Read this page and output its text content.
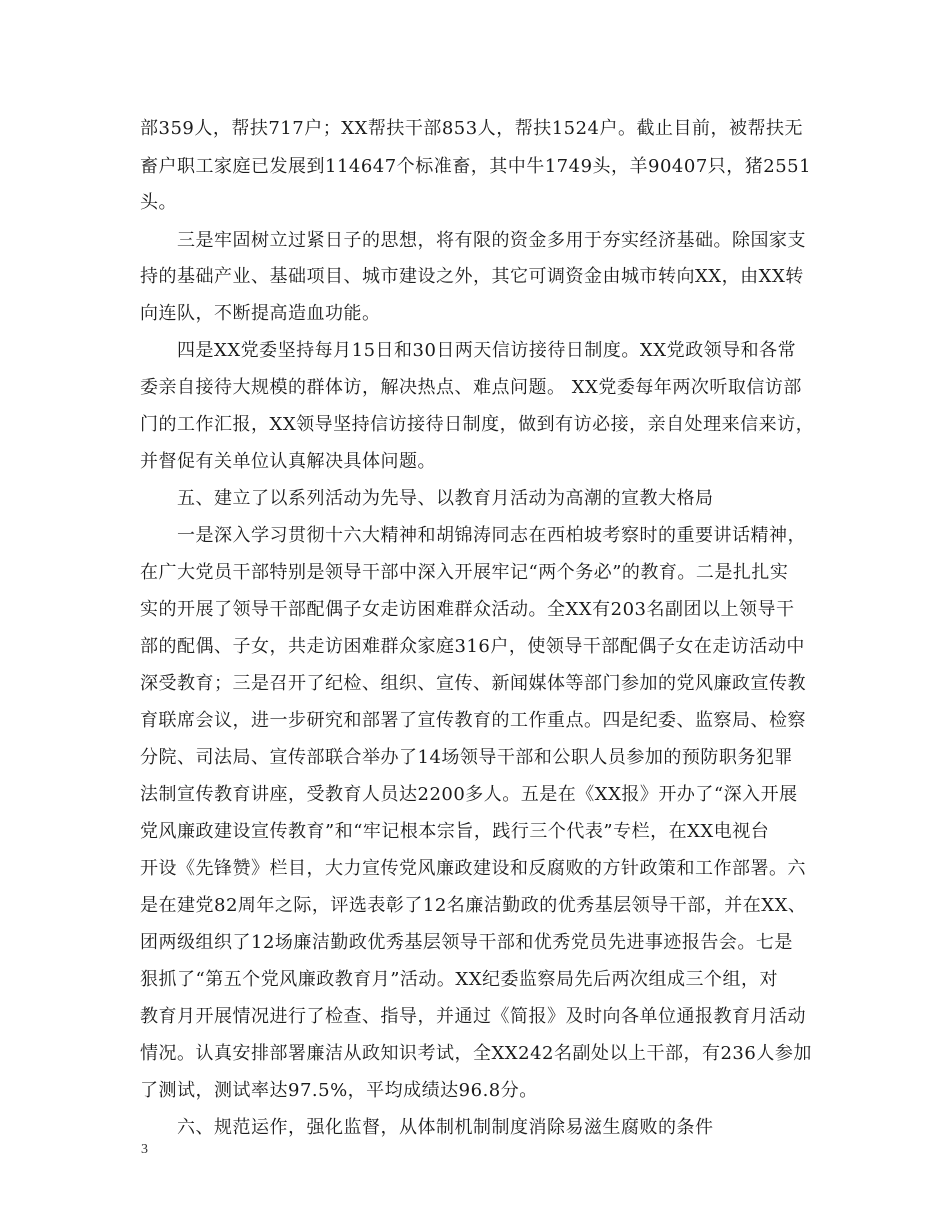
部359人，帮扶717户；XX帮扶干部853人，帮扶1524户。截止目前，被帮扶无
畜户职工家庭已发展到114647个标准畜，其中牛1749头，羊90407只，猪2551
头。
　　三是牢固树立过紧日子的思想，将有限的资金多用于夯实经济基础。除国家支
持的基础产业、基础项目、城市建设之外，其它可调资金由城市转向XX，由XX转
向连队，不断提高造血功能。
　　四是XX党委坚持每月15日和30日两天信访接待日制度。XX党政领导和各常
委亲自接待大规模的群体访，解决热点、难点问题。 XX党委每年两次听取信访部
门的工作汇报，XX领导坚持信访接待日制度，做到有访必接，亲自处理来信来访，
并督促有关单位认真解决具体问题。
　　五、建立了以系列活动为先导、以教育月活动为高潮的宣教大格局
　　一是深入学习贯彻十六大精神和胡锦涛同志在西柏坡考察时的重要讲话精神，
在广大党员干部特别是领导干部中深入开展牢记“两个务必”的教育。二是扎扎实
实的开展了领导干部配偶子女走访困难群众活动。全XX有203名副团以上领导干
部的配偶、子女，共走访困难群众家庭316户，使领导干部配偶子女在走访活动中
深受教育；三是召开了纪检、组织、宣传、新闻媒体等部门参加的党风廉政宣传教
育联席会议，进一步研究和部署了宣传教育的工作重点。四是纪委、监察局、检察
分院、司法局、宣传部联合举办了14场领导干部和公职人员参加的预防职务犯罪
法制宣传教育讲座，受教育人员达2200多人。五是在《XX报》开办了“深入开展
党风廉政建设宣传教育”和“牢记根本宗旨，践行三个代表”专栏，在XX电视台
开设《先锋赞》栏目，大力宣传党风廉政建设和反腐败的方针政策和工作部署。六
是在建党82周年之际，评选表彰了12名廉洁勤政的优秀基层领导干部，并在XX、
团两级组织了12场廉洁勤政优秀基层领导干部和优秀党员先进事迹报告会。七是
狠抓了“第五个党风廉政教育月”活动。XX纪委监察局先后两次组成三个组，对
教育月开展情况进行了检查、指导，并通过《简报》及时向各单位通报教育月活动
情况。认真安排部署廉洁从政知识考试，全XX242名副处以上干部，有236人参加
了测试，测试率达97.5%，平均成绩达96.8分。
　　六、规范运作，强化监督，从体制机制制度消除易滋生腐败的条件
3
